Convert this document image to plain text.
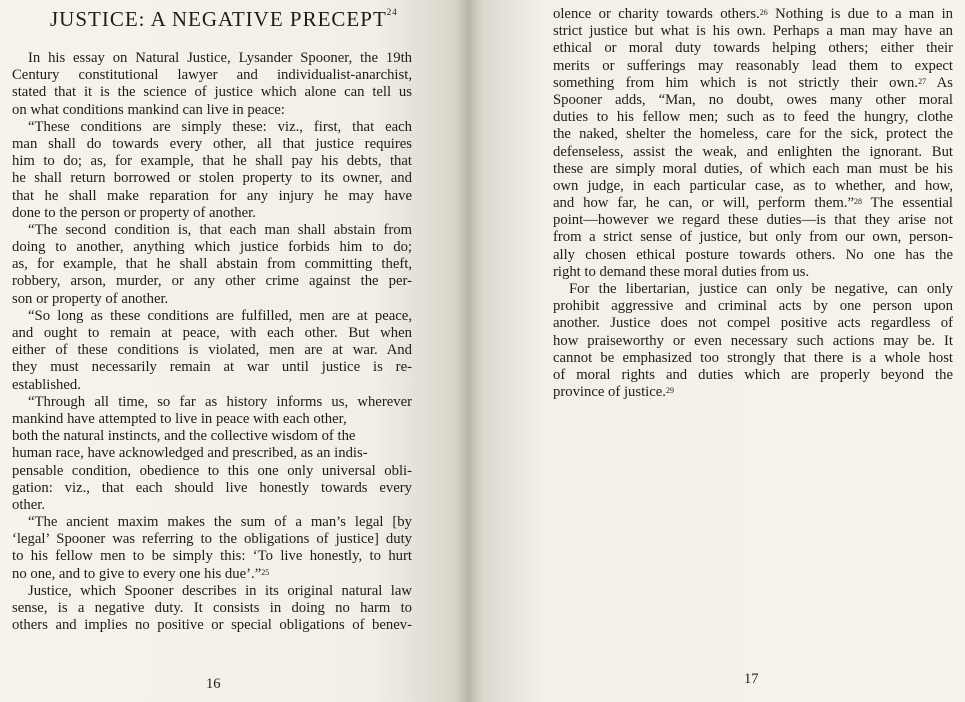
JUSTICE: A NEGATIVE PRECEPT$^{24}$
In his essay on Natural Justice, Lysander Spooner, the 19th
Century constitutional lawyer and individualist-anarchist,
stated that it is the science of justice which alone can tell us
on what conditions mankind can live in peace:
“These conditions are simply these: viz., first, that each
man shall do towards every other, all that justice requires
him to do; as, for example, that he shall pay his debts, that
he shall return borrowed or stolen property to its owner, and
that he shall make reparation for any injury he may have
done to the person or property of another.
“The second condition is, that each man shall abstain from
doing to another, anything which justice forbids him to do;
as, for example, that he shall abstain from committing theft,
robbery, arson, murder, or any other crime against the per-
son or property of another.
“So long as these conditions are fulfilled, men are at peace,
and ought to remain at peace, with each other. But when
either of these conditions is violated, men are at war. And
they must necessarily remain at war until justice is re-
established.
“Through all time, so far as history informs us, wherever
mankind have attempted to live in peace with each other,
both the natural instincts, and the collective wisdom of the
human race, have acknowledged and prescribed, as an indis-
pensable condition, obedience to this one only universal obli-
gation: viz., that each should live honestly towards every
other.
“The ancient maxim makes the sum of a man’s legal [by
‘legal’ Spooner was referring to the obligations of justice] duty
to his fellow men to be simply this: ‘To live honestly, to hurt
no one, and to give to every one his due’.”$^{25}$
Justice, which Spooner describes in its original natural law
sense, is a negative duty. It consists in doing no harm to
others and implies no positive or special obligations of benev-
16
olence or charity towards others.$^{26}$ Nothing is due to a man in
strict justice but what is his own. Perhaps a man may have an
ethical or moral duty towards helping others; either their
merits or sufferings may reasonably lead them to expect
something from him which is not strictly their own.$^{27}$ As
Spooner adds, “Man, no doubt, owes many other moral
duties to his fellow men; such as to feed the hungry, clothe
the naked, shelter the homeless, care for the sick, protect the
defenseless, assist the weak, and enlighten the ignorant. But
these are simply moral duties, of which each man must be his
own judge, in each particular case, as to whether, and how,
and how far, he can, or will, perform them.”$^{28}$ The essential
point—however we regard these duties—is that they arise not
from a strict sense of justice, but only from our own, person-
ally chosen ethical posture towards others. No one has the
right to demand these moral duties from us.
For the libertarian, justice can only be negative, can only
prohibit aggressive and criminal acts by one person upon
another. Justice does not compel positive acts regardless of
how praiseworthy or even necessary such actions may be. It
cannot be emphasized too strongly that there is a whole host
of moral rights and duties which are properly beyond the
province of justice.$^{29}$
17
